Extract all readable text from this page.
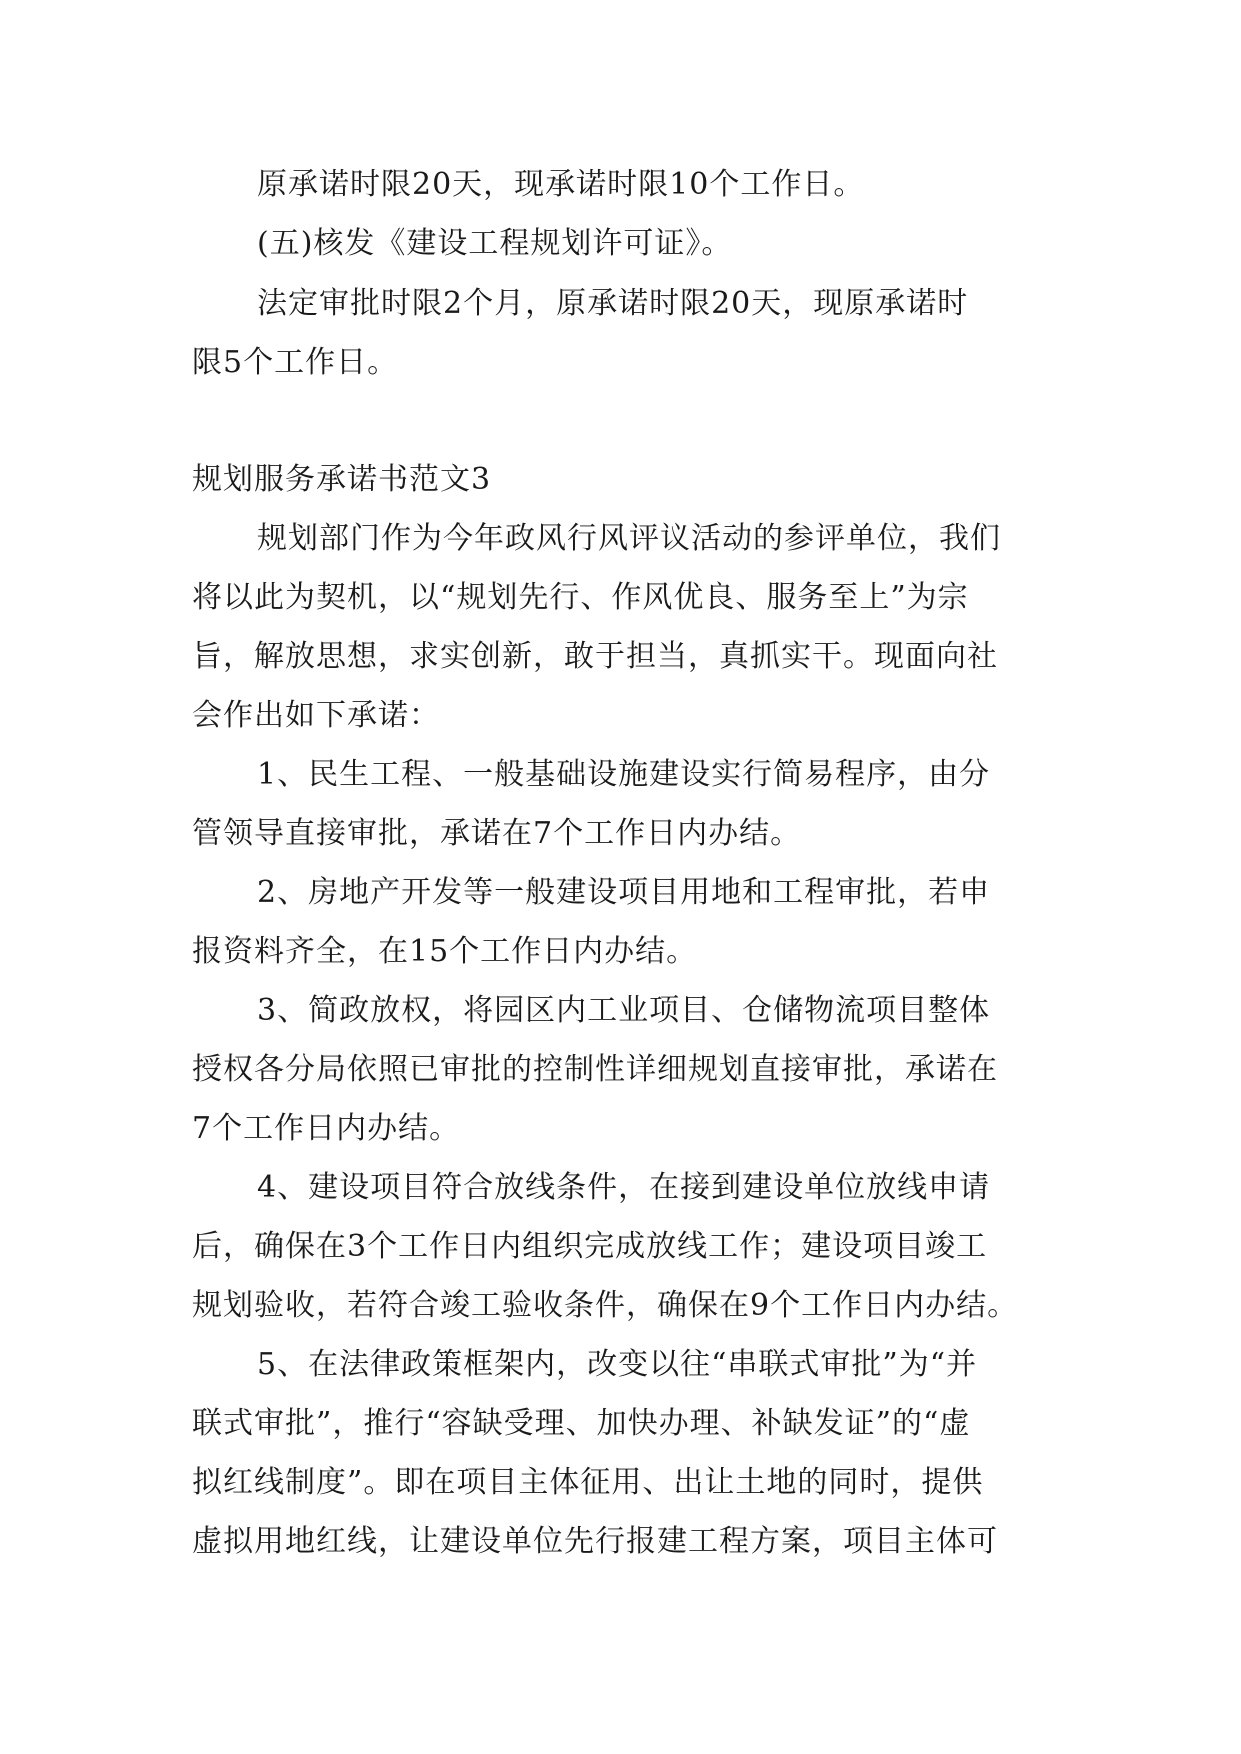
原承诺时限20天，现承诺时限10个工作日。
(五)核发《建设工程规划许可证》。
法定审批时限2个月，原承诺时限20天，现原承诺时
限5个工作日。
规划服务承诺书范文3
规划部门作为今年政风行风评议活动的参评单位，我们
将以此为契机，以“规划先行、作风优良、服务至上”为宗
旨，解放思想，求实创新，敢于担当，真抓实干。现面向社
会作出如下承诺：
1、民生工程、一般基础设施建设实行简易程序，由分
管领导直接审批，承诺在7个工作日内办结。
2、房地产开发等一般建设项目用地和工程审批，若申
报资料齐全，在15个工作日内办结。
3、简政放权，将园区内工业项目、仓储物流项目整体
授权各分局依照已审批的控制性详细规划直接审批，承诺在
7个工作日内办结。
4、建设项目符合放线条件，在接到建设单位放线申请
后，确保在3个工作日内组织完成放线工作；建设项目竣工
规划验收，若符合竣工验收条件，确保在9个工作日内办结。
5、在法律政策框架内，改变以往“串联式审批”为“并
联式审批”，推行“容缺受理、加快办理、补缺发证”的“虚
拟红线制度”。即在项目主体征用、出让土地的同时，提供
虚拟用地红线，让建设单位先行报建工程方案，项目主体可
